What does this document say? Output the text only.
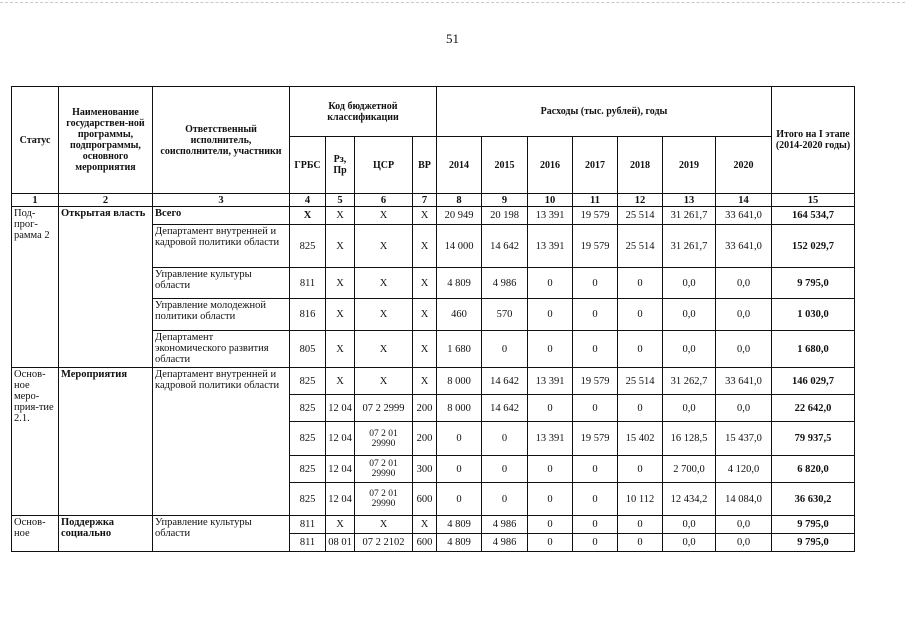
51
Статус	Наименование государствен-ной программы, подпрограммы, основного мероприятия	Ответственный исполнитель, соисполнители, участники	Код бюджетной классификации				Расходы (тыс. рублей), годы							Итого на I этапе (2014-2020 годы)
			ГРБС	Рз, Пр	ЦСР	ВР	2014	2015	2016	2017	2018	2019	2020	
1	2	3	4	5	6	7	8	9	10	11	12	13	14	15
Под-прог-рамма 2	Открытая власть	Всего	Х	Х	Х	Х	20 949	20 198	13 391	19 579	25 514	31 261,7	33 641,0	164 534,7
		Департамент внутренней и кадровой политики области	825	Х	Х	Х	14 000	14 642	13 391	19 579	25 514	31 261,7	33 641,0	152 029,7
		Управление культуры области	811	Х	Х	Х	4 809	4 986	0	0	0	0,0	0,0	9 795,0
		Управление молодежной политики области	816	Х	Х	Х	460	570	0	0	0	0,0	0,0	1 030,0
		Департамент экономического развития области	805	Х	Х	Х	1 680	0	0	0	0	0,0	0,0	1 680,0
Основ-ное меро-прия-тие 2.1.	Мероприятия	Департамент внутренней и кадровой политики области	825	Х	Х	Х	8 000	14 642	13 391	19 579	25 514	31 262,7	33 641,0	146 029,7
			825	12 04	07 2 2999	200	8 000	14 642	0	0	0	0,0	0,0	22 642,0
			825	12 04	07 2 01 29990	200	0	0	13 391	19 579	15 402	16 128,5	15 437,0	79 937,5
			825	12 04	07 2 01 29990	300	0	0	0	0	0	2 700,0	4 120,0	6 820,0
			825	12 04	07 2 01 29990	600	0	0	0	0	10 112	12 434,2	14 084,0	36 630,2
Основ-ное	Поддержка социально	Управление культуры области	811	Х	Х	Х	4 809	4 986	0	0	0	0,0	0,0	9 795,0
			811	08 01	07 2 2102	600	4 809	4 986	0	0	0	0,0	0,0	9 795,0
